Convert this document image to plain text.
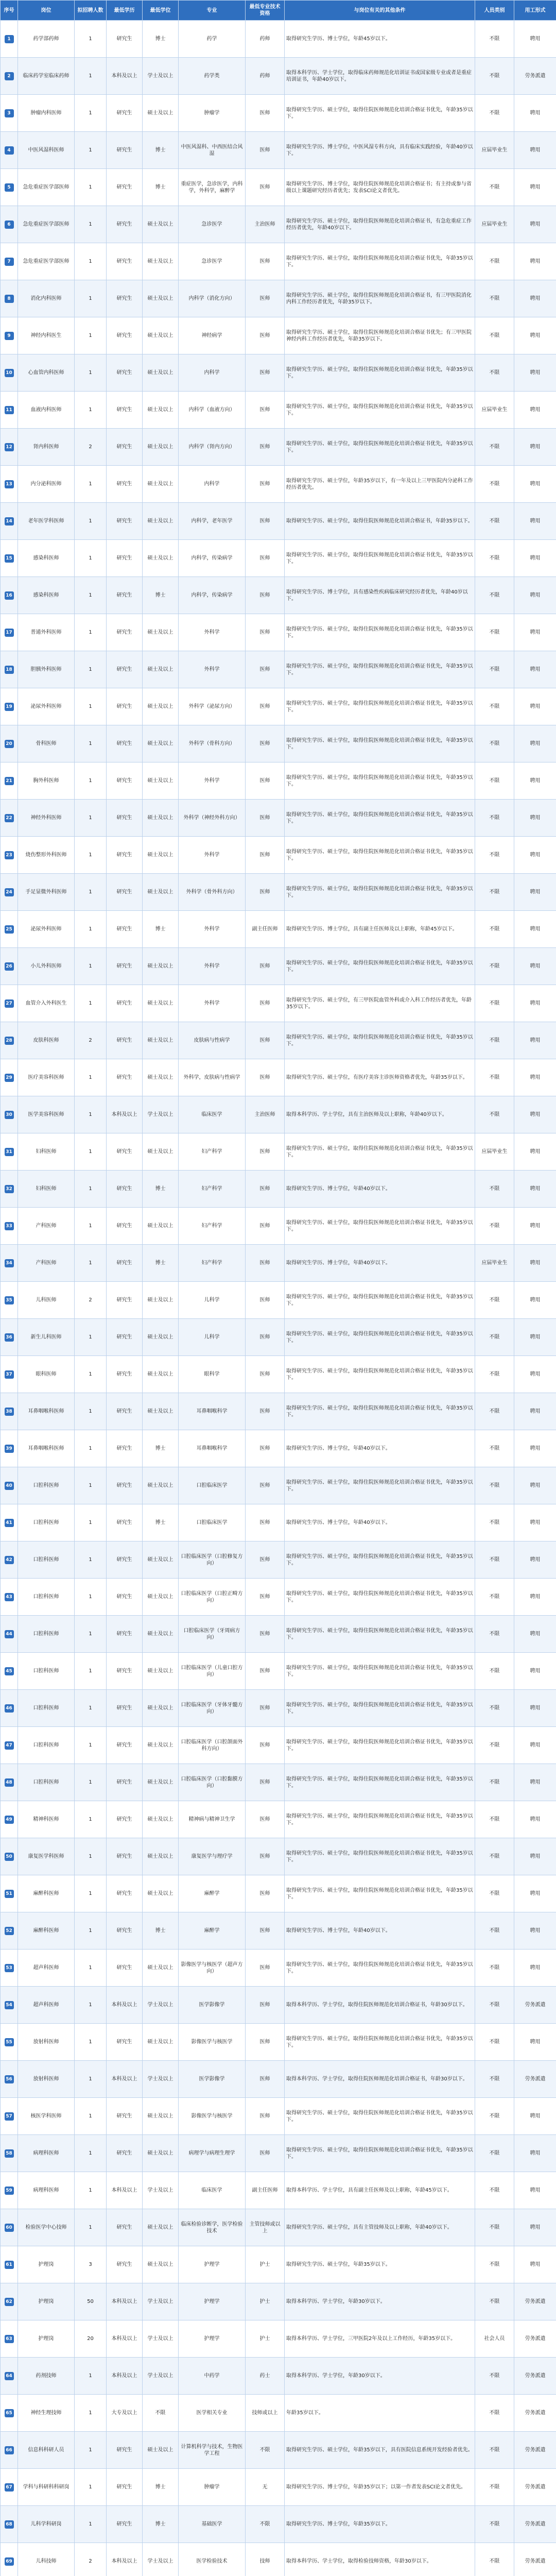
序号	岗位	拟招聘人数	最低学历	最低学位	专业	最低专业技术资格	与岗位有关的其他条件	人员类别	用工形式
1	药学部药师	1	研究生	博士	药学	药师	取得研究生学历、博士学位，年龄45岁以下。	不限	聘用
2	临床药学室临床药师	1	本科及以上	学士及以上	药学类	药师	取得本科学历、学士学位，取得临床药师规范化培训证书或国家级专业或者是重症培训证书，年龄40岁以下。	不限	劳务派遣
3	肿瘤内科医师	1	研究生	硕士及以上	肿瘤学	医师	取得研究生学历、硕士学位，取得住院医师规范化培训合格证书优先，年龄35岁以下。	不限	聘用
4	中医风湿科医师	1	研究生	博士	中医风湿科、中西医结合风湿	医师	取得研究生学历、博士学位，中医风湿专科方向，具有临床实践经验，年龄40岁以下。	应届毕业生	聘用
5	急危重症医学部医师	1	研究生	博士	重症医学，急诊医学，内科学，外科学，麻醉学	医师	取得研究生学历、博士学位，取得住院医师规范化培训合格证书；有主持或参与省级以上课题研究经历者优先；发表SCI论文者优先。	不限	聘用
6	急危重症医学部医师	1	研究生	硕士及以上	急诊医学	主治医师	取得研究生学历、硕士学位，取得住院医师规范化培训合格证书，有急危重症工作经历者优先，年龄40岁以下。	应届毕业生	聘用
7	急危重症医学部医师	1	研究生	硕士及以上	急诊医学	医师	取得研究生学历、硕士学位，取得住院医师规范化培训合格证书优先，年龄35岁以下。	不限	聘用
8	消化内科医师	1	研究生	硕士及以上	内科学（消化方向）	医师	取得研究生学历、硕士学位，取得住院医师规范化培训合格证书，有三甲医院消化内科工作经历者优先，年龄35岁以下。	不限	聘用
9	神经内科医生	1	研究生	硕士及以上	神经病学	医师	取得研究生学历、硕士学位，取得住院医师规范化培训合格证书优先；有三甲医院神经内科工作经历者优先，年龄35岁以下。	不限	聘用
10	心血管内科医师	1	研究生	硕士及以上	内科学	医师	取得研究生学历、硕士学位，取得住院医师规范化培训合格证书优先，年龄35岁以下。	不限	聘用
11	血液内科医师	1	研究生	硕士及以上	内科学（血液方向）	医师	取得研究生学历、硕士学位，取得住院医师规范化培训合格证书优先，年龄35岁以下。	应届毕业生	聘用
12	肾内科医师	2	研究生	硕士及以上	内科学（肾内方向）	医师	取得研究生学历、硕士学位，取得住院医师规范化培训合格证书优先，年龄35岁以下。	不限	聘用
13	内分泌科医师	1	研究生	硕士及以上	内科学	医师	取得研究生学历、硕士学位，年龄35岁以下，有一年及以上三甲医院内分泌科工作经历者优先。	不限	聘用
14	老年医学科医师	1	研究生	硕士及以上	内科学，老年医学	医师	取得研究生学历、硕士学位，取得住院医师规范化培训合格证书，年龄35岁以下。	不限	聘用
15	感染科医师	1	研究生	硕士及以上	内科学，传染病学	医师	取得研究生学历、硕士学位，取得住院医师规范化培训合格证书优先，年龄35岁以下。	不限	聘用
16	感染科医师	1	研究生	博士	内科学，传染病学	医师	取得研究生学历、博士学位，具有感染性疾病临床研究经历者优先，年龄40岁以下。	不限	聘用
17	普通外科医师	1	研究生	硕士及以上	外科学	医师	取得研究生学历、硕士学位，取得住院医师规范化培训合格证书优先，年龄35岁以下。	不限	聘用
18	胆胰外科医师	1	研究生	硕士及以上	外科学	医师	取得研究生学历、硕士学位，取得住院医师规范化培训合格证书优先，年龄35岁以下。	不限	聘用
19	泌尿外科医师	1	研究生	硕士及以上	外科学（泌尿方向）	医师	取得研究生学历、硕士学位，取得住院医师规范化培训合格证书优先，年龄35岁以下。	不限	聘用
20	骨科医师	1	研究生	硕士及以上	外科学（骨科方向）	医师	取得研究生学历、硕士学位，取得住院医师规范化培训合格证书优先，年龄35岁以下。	不限	聘用
21	胸外科医师	1	研究生	硕士及以上	外科学	医师	取得研究生学历、硕士学位，取得住院医师规范化培训合格证书优先，年龄35岁以下。	不限	聘用
22	神经外科医师	1	研究生	硕士及以上	外科学（神经外科方向）	医师	取得研究生学历、硕士学位，取得住院医师规范化培训合格证书优先，年龄35岁以下。	不限	聘用
23	烧伤整形外科医师	1	研究生	硕士及以上	外科学	医师	取得研究生学历、硕士学位，取得住院医师规范化培训合格证书优先，年龄35岁以下。	不限	聘用
24	手足显微外科医师	1	研究生	硕士及以上	外科学（骨外科方向）	医师	取得研究生学历、硕士学位，取得住院医师规范化培训合格证书优先，年龄35岁以下。	不限	聘用
25	泌尿外科医师	1	研究生	博士	外科学	副主任医师	取得研究生学历、博士学位，具有副主任医师及以上职称，年龄45岁以下。	不限	聘用
26	小儿外科医师	1	研究生	硕士及以上	外科学	医师	取得研究生学历、硕士学位，取得住院医师规范化培训合格证书优先，年龄35岁以下。	不限	聘用
27	血管介入外科医生	1	研究生	硕士及以上	外科学	医师	取得研究生学历、硕士学位，有三甲医院血管外科或介入科工作经历者优先，年龄35岁以下。	不限	聘用
28	皮肤科医师	2	研究生	硕士及以上	皮肤病与性病学	医师	取得研究生学历、硕士学位，取得住院医师规范化培训合格证书优先，年龄35岁以下。	不限	聘用
29	医疗美容科医师	1	研究生	硕士及以上	外科学，皮肤病与性病学	医师	取得研究生学历、硕士学位，有医疗美容主诊医师资格者优先，年龄35岁以下。	不限	聘用
30	医学美容科医师	1	本科及以上	学士及以上	临床医学	主治医师	取得本科学历、学士学位，具有主治医师及以上职称，年龄40岁以下。	不限	聘用
31	妇科医师	1	研究生	硕士及以上	妇产科学	医师	取得研究生学历、硕士学位，取得住院医师规范化培训合格证书优先，年龄35岁以下。	应届毕业生	聘用
32	妇科医师	1	研究生	博士	妇产科学	医师	取得研究生学历、博士学位，年龄40岁以下。	不限	聘用
33	产科医师	1	研究生	硕士及以上	妇产科学	医师	取得研究生学历、硕士学位，取得住院医师规范化培训合格证书优先，年龄35岁以下。	不限	聘用
34	产科医师	1	研究生	博士	妇产科学	医师	取得研究生学历、博士学位，年龄40岁以下。	应届毕业生	聘用
35	儿科医师	2	研究生	硕士及以上	儿科学	医师	取得研究生学历、硕士学位，取得住院医师规范化培训合格证书优先，年龄35岁以下。	不限	聘用
36	新生儿科医师	1	研究生	硕士及以上	儿科学	医师	取得研究生学历、硕士学位，取得住院医师规范化培训合格证书优先，年龄35岁以下。	不限	聘用
37	眼科医师	1	研究生	硕士及以上	眼科学	医师	取得研究生学历、硕士学位，取得住院医师规范化培训合格证书优先，年龄35岁以下。	不限	聘用
38	耳鼻咽喉科医师	1	研究生	硕士及以上	耳鼻咽喉科学	医师	取得研究生学历、硕士学位，取得住院医师规范化培训合格证书优先，年龄35岁以下。	不限	聘用
39	耳鼻咽喉科医师	1	研究生	博士	耳鼻咽喉科学	医师	取得研究生学历、博士学位，年龄40岁以下。	不限	聘用
40	口腔科医师	1	研究生	硕士及以上	口腔临床医学	医师	取得研究生学历、硕士学位，取得住院医师规范化培训合格证书优先，年龄35岁以下。	不限	聘用
41	口腔科医师	1	研究生	博士	口腔临床医学	医师	取得研究生学历、博士学位，年龄40岁以下。	不限	聘用
42	口腔科医师	1	研究生	硕士及以上	口腔临床医学（口腔修复方向）	医师	取得研究生学历、硕士学位，取得住院医师规范化培训合格证书优先，年龄35岁以下。	不限	聘用
43	口腔科医师	1	研究生	硕士及以上	口腔临床医学（口腔正畸方向）	医师	取得研究生学历、硕士学位，取得住院医师规范化培训合格证书优先，年龄35岁以下。	不限	聘用
44	口腔科医师	1	研究生	硕士及以上	口腔临床医学（牙周病方向）	医师	取得研究生学历、硕士学位，取得住院医师规范化培训合格证书优先，年龄35岁以下。	不限	聘用
45	口腔科医师	1	研究生	硕士及以上	口腔临床医学（儿童口腔方向）	医师	取得研究生学历、硕士学位，取得住院医师规范化培训合格证书优先，年龄35岁以下。	不限	聘用
46	口腔科医师	1	研究生	硕士及以上	口腔临床医学（牙体牙髓方向）	医师	取得研究生学历、硕士学位，取得住院医师规范化培训合格证书优先，年龄35岁以下。	不限	聘用
47	口腔科医师	1	研究生	硕士及以上	口腔临床医学（口腔颌面外科方向）	医师	取得研究生学历、硕士学位，取得住院医师规范化培训合格证书优先，年龄35岁以下。	不限	聘用
48	口腔科医师	1	研究生	硕士及以上	口腔临床医学（口腔黏膜方向）	医师	取得研究生学历、硕士学位，取得住院医师规范化培训合格证书优先，年龄35岁以下。	不限	聘用
49	精神科医师	1	研究生	硕士及以上	精神病与精神卫生学	医师	取得研究生学历、硕士学位，取得住院医师规范化培训合格证书优先，年龄35岁以下。	不限	聘用
50	康复医学科医师	1	研究生	硕士及以上	康复医学与理疗学	医师	取得研究生学历、硕士学位，取得住院医师规范化培训合格证书优先，年龄35岁以下。	不限	聘用
51	麻醉科医师	1	研究生	硕士及以上	麻醉学	医师	取得研究生学历、硕士学位，取得住院医师规范化培训合格证书优先，年龄35岁以下。	不限	聘用
52	麻醉科医师	1	研究生	博士	麻醉学	医师	取得研究生学历、博士学位，年龄40岁以下。	不限	聘用
53	超声科医师	1	研究生	硕士及以上	影像医学与核医学（超声方向）	医师	取得研究生学历、硕士学位，取得住院医师规范化培训合格证书优先，年龄35岁以下。	不限	聘用
54	超声科医师	1	本科及以上	学士及以上	医学影像学	医师	取得本科学历、学士学位，取得住院医师规范化培训合格证书，年龄30岁以下。	不限	劳务派遣
55	放射科医师	1	研究生	硕士及以上	影像医学与核医学	医师	取得研究生学历、硕士学位，取得住院医师规范化培训合格证书优先，年龄35岁以下。	不限	聘用
56	放射科医师	1	本科及以上	学士及以上	医学影像学	医师	取得本科学历、学士学位，取得住院医师规范化培训合格证书，年龄30岁以下。	不限	劳务派遣
57	核医学科医师	1	研究生	硕士及以上	影像医学与核医学	医师	取得研究生学历、硕士学位，取得住院医师规范化培训合格证书优先，年龄35岁以下。	不限	聘用
58	病理科医师	1	研究生	硕士及以上	病理学与病理生理学	医师	取得研究生学历、硕士学位，取得住院医师规范化培训合格证书优先，年龄35岁以下。	不限	聘用
59	病理科医师	1	本科及以上	学士及以上	临床医学	副主任医师	取得本科学历、学士学位，具有副主任医师及以上职称，年龄45岁以下。	不限	聘用
60	检验医学中心技师	1	研究生	硕士及以上	临床检验诊断学，医学检验技术	主管技师或以上	取得研究生学历、硕士学位，具有主管技师及以上职称，年龄40岁以下。	不限	聘用
61	护理岗	3	研究生	硕士及以上	护理学	护士	取得研究生学历、硕士学位，年龄35岁以下。	不限	聘用
62	护理岗	50	本科及以上	学士及以上	护理学	护士	取得本科学历、学士学位，年龄30岁以下。	不限	劳务派遣
63	护理岗	20	本科及以上	学士及以上	护理学	护士	取得本科学历、学士学位，三甲医院2年及以上工作经历，年龄35岁以下。	社会人员	劳务派遣
64	药剂技师	1	本科及以上	学士及以上	中药学	药士	取得本科学历、学士学位，年龄30岁以下。	不限	劳务派遣
65	神经生理技师	1	大专及以上	不限	医学相关专业	技师或以上	年龄35岁以下。	不限	劳务派遣
66	信息科科研人员	1	研究生	硕士及以上	计算机科学与技术，生物医学工程	不限	取得研究生学历、硕士学位，年龄35岁以下，具有医院信息系统开发经验者优先。	不限	劳务派遣
67	学科与科研科科研岗	1	研究生	博士	肿瘤学	无	取得研究生学历、博士学位，年龄35岁以下；以第一作者发表SCI论文者优先。	不限	劳务派遣
68	儿科学科研岗	1	研究生	博士	基础医学	不限	取得研究生学历、博士学位，年龄35岁以下。	不限	劳务派遣
69	儿科技师	2	本科及以上	学士及以上	医学检验技术	技师	取得本科学历、学士学位，取得检验技师资格，年龄30岁以下。	不限	劳务派遣
